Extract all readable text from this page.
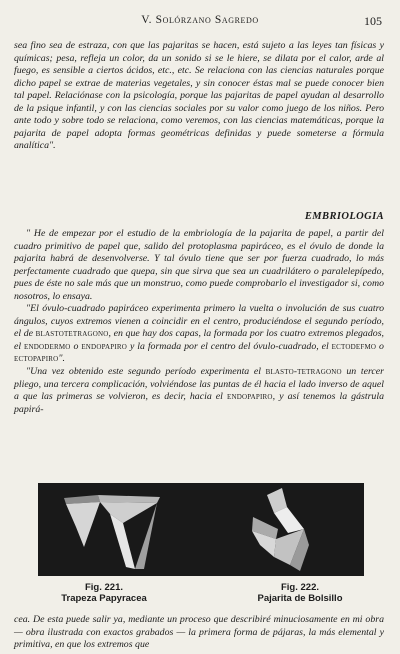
V. Solórzano Sagredo	105

sea fino sea de estraza, con que las pajaritas se hacen, está sujeto a las leyes tan físicas y químicas; pesa, refleja un color, da un sonido si se le hiere, se dilata por el calor, arde al fuego, es sensible a ciertos ácidos, etc., etc. Se relaciona con las ciencias naturales porque dicho papel se extrae de materias vegetales, y sin conocer éstas mal se puede conocer bien tal papel. Relaciónase con la psicología, porque las pajaritas de papel ayudan al desarrollo de la psique infantil, y con las ciencias sociales por su valor como juego de los niños. Pero ante todo y sobre todo se relaciona, como veremos, con las ciencias matemáticas, porque la pajarita de papel adopta formas geométricas definidas y puede someterse a fórmula analítica".

EMBRIOLOGIA

" He de empezar por el estudio de la embriología de la pajarita de papel, a partir del cuadro primitivo de papel que, salido del protoplasma papiráceo, es el óvulo de donde la pajarita habrá de desenvolverse. Y tal óvulo tiene que ser por fuerza cuadrado, lo más perfectamente cuadrado que quepa, sin que sirva que sea un cuadrilátero o paralelepípedo, pues de éste no sale más que un monstruo, como puede comprobarlo el investigador si, como nosotros, lo ensaya.

"El óvulo-cuadrado papiráceo experimenta primero la vuelta o involución de sus cuatro ángulos, cuyos extremos vienen a coincidir en el centro, produciéndose el segundo período, el de blastotetragono, en que hay dos capas, la formada por los cuatro extremos plegados, el endodermo o endopapiro y la formada por el centro del óvulo-cuadrado, el ectodefmo o ectopapiro".

"Una vez obtenido este segundo período experimenta el blasto-tetragono un tercer pliego, una tercera complicación, volviéndose las puntas de él hacia el lado inverso de aquel a que las primeras se volvieron, es decir, hacia el endopapiro, y así tenemos la gástrula papirá-

Fig. 221.
Trapeza Papyracea
Fig. 222.
Pajarita de Bolsillo

cea. De esta puede salir ya, mediante un proceso que describiré minuciosamente en mi obra — obra ilustrada con exactos grabados — la primera forma de pájaras, la más elemental y primitiva, en que los extremos que
